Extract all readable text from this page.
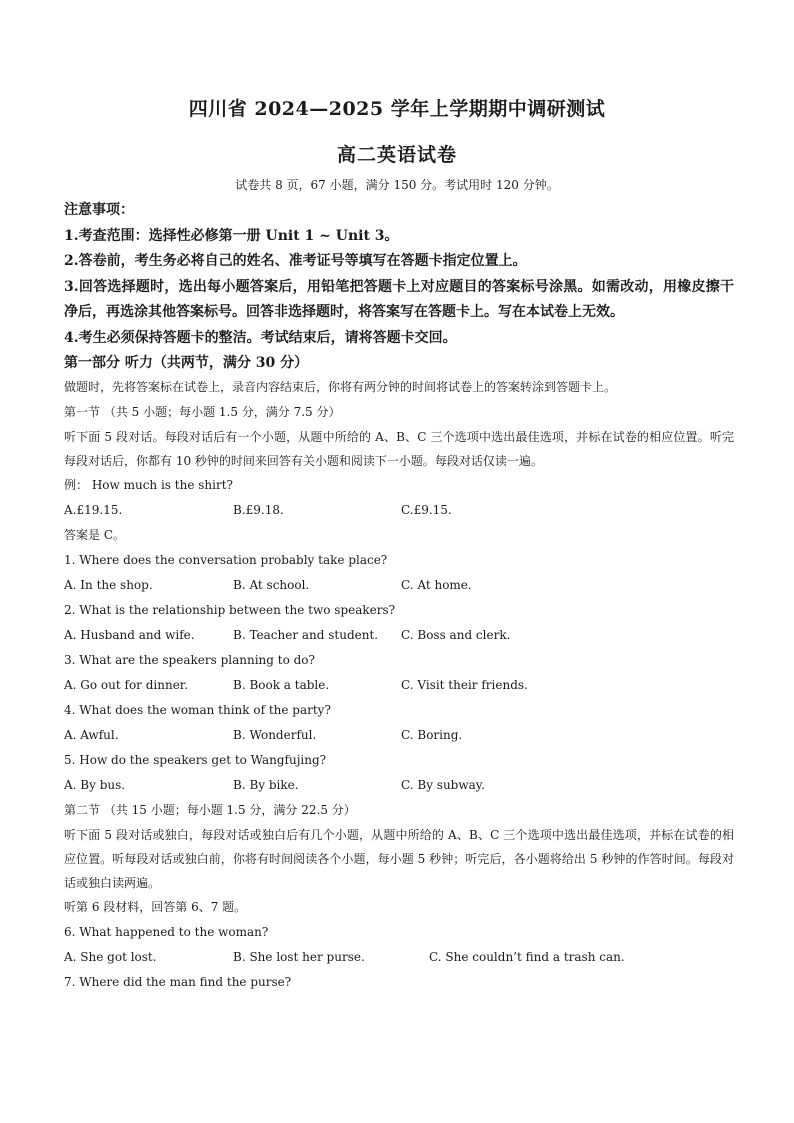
四川省 2024—2025 学年上学期期中调研测试
高二英语试卷
试卷共 8 页，67 小题，满分 150 分。考试用时 120 分钟。
注意事项：
1.考查范围：选择性必修第一册 Unit 1 ~ Unit 3。
2.答卷前，考生务必将自己的姓名、准考证号等填写在答题卡指定位置上。
3.回答选择题时，选出每小题答案后，用铅笔把答题卡上对应题目的答案标号涂黑。如需改动，用橡皮擦干净后，再选涂其他答案标号。回答非选择题时，将答案写在答题卡上。写在本试卷上无效。
4.考生必须保持答题卡的整洁。考试结束后，请将答题卡交回。
第一部分 听力（共两节，满分 30 分）
做题时，先将答案标在试卷上，录音内容结束后，你将有两分钟的时间将试卷上的答案转涂到答题卡上。
第一节 （共 5 小题；每小题 1.5 分，满分 7.5 分）
听下面 5 段对话。每段对话后有一个小题，从题中所给的 A、B、C 三个选项中选出最佳选项，并标在试卷的相应位置。听完每段对话后，你都有 10 秒钟的时间来回答有关小题和阅读下一小题。每段对话仅读一遍。
例： How much is the shirt?
A.£19.15.	B.£9.18.	C.£9.15.
答案是 C。
1. Where does the conversation probably take place?
A. In the shop.	B. At school.	C. At home.
2. What is the relationship between the two speakers?
A. Husband and wife.	B. Teacher and student.	C. Boss and clerk.
3. What are the speakers planning to do?
A. Go out for dinner.	B. Book a table.	C. Visit their friends.
4. What does the woman think of the party?
A. Awful.	B. Wonderful.	C. Boring.
5. How do the speakers get to Wangfujing?
A. By bus.	B. By bike.	C. By subway.
第二节 （共 15 小题；每小题 1.5 分，满分 22.5 分）
听下面 5 段对话或独白，每段对话或独白后有几个小题，从题中所给的 A、B、C 三个选项中选出最佳选项，并标在试卷的相应位置。听每段对话或独白前，你将有时间阅读各个小题，每小题 5 秒钟；听完后，各小题将给出 5 秒钟的作答时间。每段对话或独白读两遍。
听第 6 段材料，回答第 6、7 题。
6. What happened to the woman?
A. She got lost.	B. She lost her purse.	C. She couldn’t find a trash can.
7. Where did the man find the purse?
